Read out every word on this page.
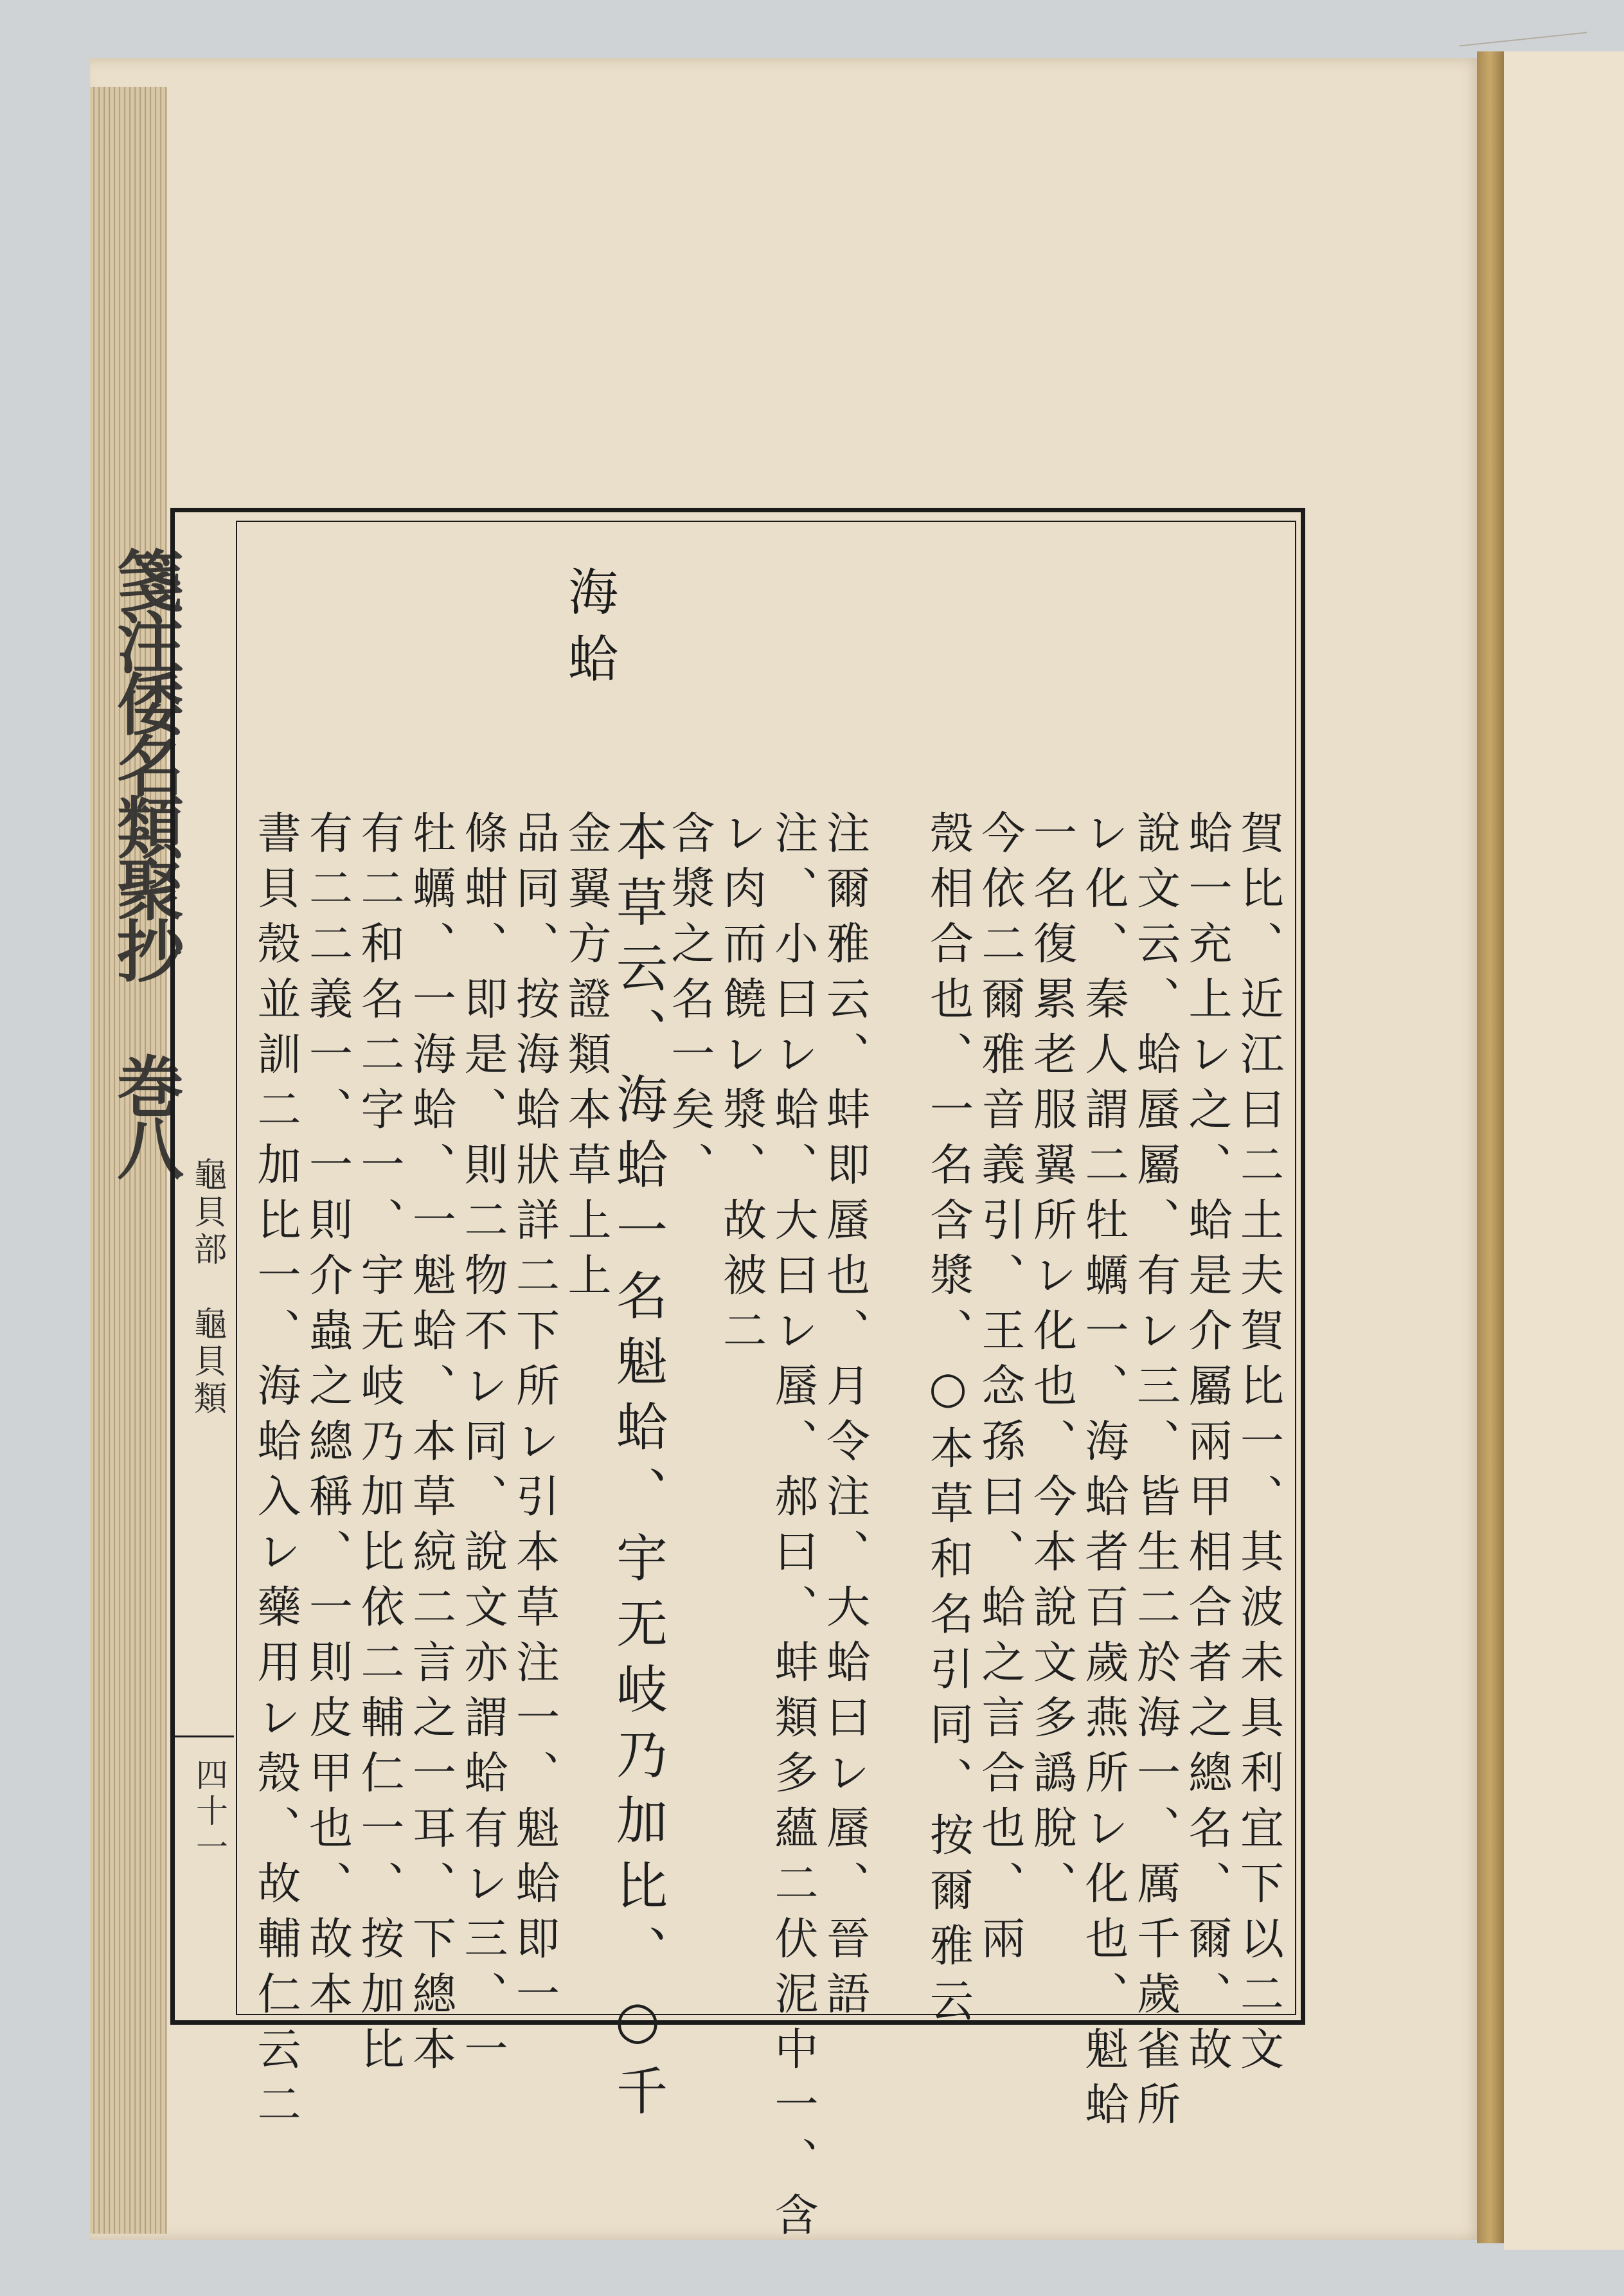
箋注倭名類聚抄 巻八
龜貝部　龜貝類
四十一
海蛤
賀比、近江曰二土夫賀比一、其波未具利宜下以二文
蛤一充上レ之、蛤是介屬兩甲相合者之總名、爾、故
說文云、蛤蜃屬、有レ三、皆生二於海一、厲千歲雀所
レ化、秦人謂二牡蠣一、海蛤者百歲燕所レ化也、魁蛤
一名復累老服翼所レ化也、今本說文多譌脫、
今依二爾雅音義引、王念孫曰、蛤之言合也、兩
殼相合也、一名含漿、○本草和名引同、按爾雅云
注爾雅云、蚌即蜃也、月令注、大蛤曰レ蜃、晉語
注、小曰レ蛤、大曰レ蜃、郝曰、蚌類多蘊二伏泥中一、含
レ肉而饒レ漿、故被二
含漿之名一矣、
本草云、海蛤一名魁蛤、宇无岐乃加比、○千
金翼方證類本草上上
品同、按海蛤狀詳二下所レ引本草注一、魁蛤即一
條蚶、即是、則二物不レ同、說文亦謂蛤有レ三、一
牡蠣、一海蛤、一魁蛤、本草綂二言之一耳、下總本
有二和名二字一、宇无岐乃加比依二輔仁一、按加比
有二二義一、一則介蟲之總稱、一則皮甲也、故本
書貝殼並訓二加比一、海蛤入レ藥用レ殼、故輔仁云二
